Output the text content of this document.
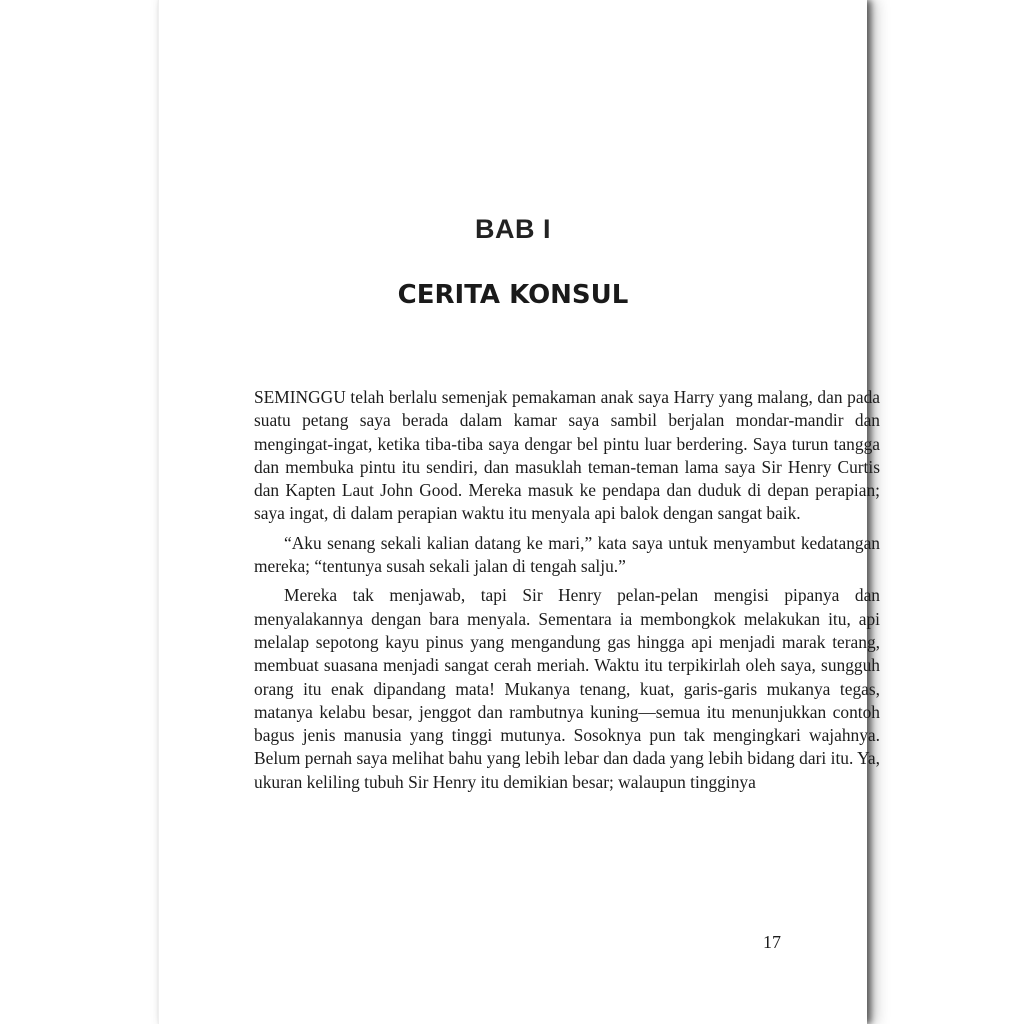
BAB I
CERITA KONSUL

SEMINGGU telah berlalu semenjak pemakaman anak saya Harry yang malang, dan pada suatu petang saya berada dalam kamar saya sambil berjalan mondar-mandir dan mengingat-ingat, ketika tiba-tiba saya dengar bel pintu luar berdering. Saya turun tangga dan membuka pintu itu sendiri, dan masuklah teman-teman lama saya Sir Henry Curtis dan Kapten Laut John Good. Mereka masuk ke pendapa dan duduk di depan perapian; saya ingat, di dalam perapian waktu itu menyala api balok dengan sangat baik.

“Aku senang sekali kalian datang ke mari,” kata saya untuk menyambut kedatangan mereka; “tentunya susah sekali jalan di tengah salju.”

Mereka tak menjawab, tapi Sir Henry pelan-pelan mengisi pipanya dan menyalakannya dengan bara menyala. Sementara ia membongkok melakukan itu, api melalap sepotong kayu pinus yang mengandung gas hingga api menjadi marak terang, membuat suasana menjadi sangat cerah meriah. Waktu itu terpikirlah oleh saya, sungguh orang itu enak dipandang mata! Mukanya tenang, kuat, garis-garis mukanya tegas, matanya kelabu besar, jenggot dan rambutnya kuning—semua itu menunjukkan contoh bagus jenis manusia yang tinggi mutunya. Sosoknya pun tak mengingkari wajahnya. Belum pernah saya melihat bahu yang lebih lebar dan dada yang lebih bidang dari itu. Ya, ukuran keliling tubuh Sir Henry itu demikian besar; walaupun tingginya

17
